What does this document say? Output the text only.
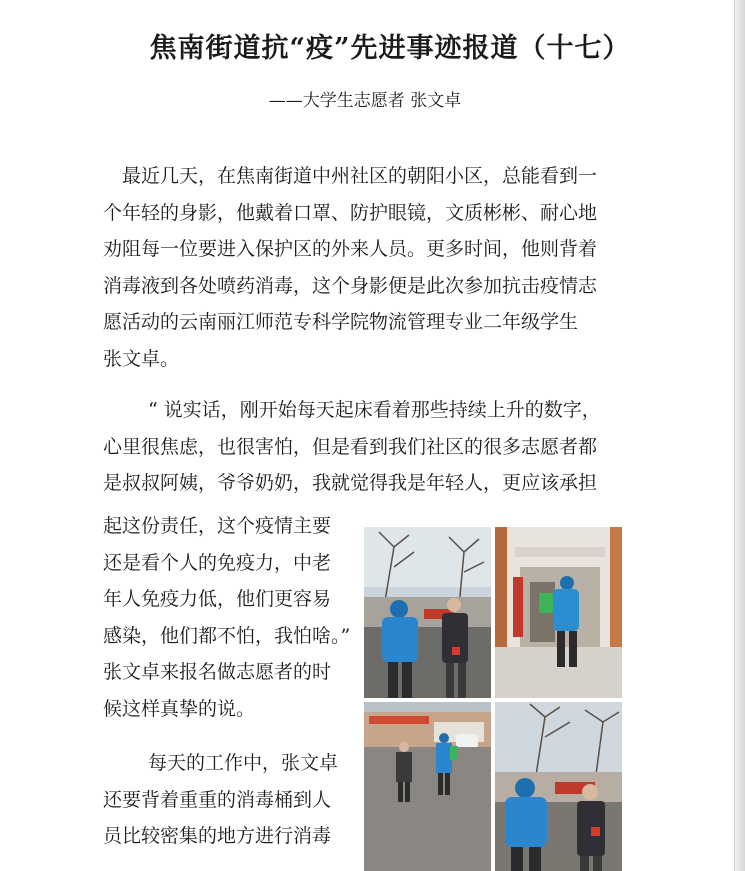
焦南街道抗“疫”先进事迹报道（十七）
——大学生志愿者 张文卓
最近几天，在焦南街道中州社区的朝阳小区，总能看到一
个年轻的身影，他戴着口罩、防护眼镜，文质彬彬、耐心地
劝阻每一位要进入保护区的外来人员。更多时间，他则背着
消毒液到各处喷药消毒，这个身影便是此次参加抗击疫情志
愿活动的云南丽江师范专科学院物流管理专业二年级学生
张文卓。
“ 说实话，刚开始每天起床看着那些持续上升的数字，
心里很焦虑，也很害怕，但是看到我们社区的很多志愿者都
是叔叔阿姨，爷爷奶奶，我就觉得我是年轻人，更应该承担
起这份责任，这个疫情主要
还是看个人的免疫力，中老
年人免疫力低，他们更容易
感染，他们都不怕，我怕啥。”
张文卓来报名做志愿者的时
候这样真挚的说。
每天的工作中，张文卓
还要背着重重的消毒桶到人
员比较密集的地方进行消毒
